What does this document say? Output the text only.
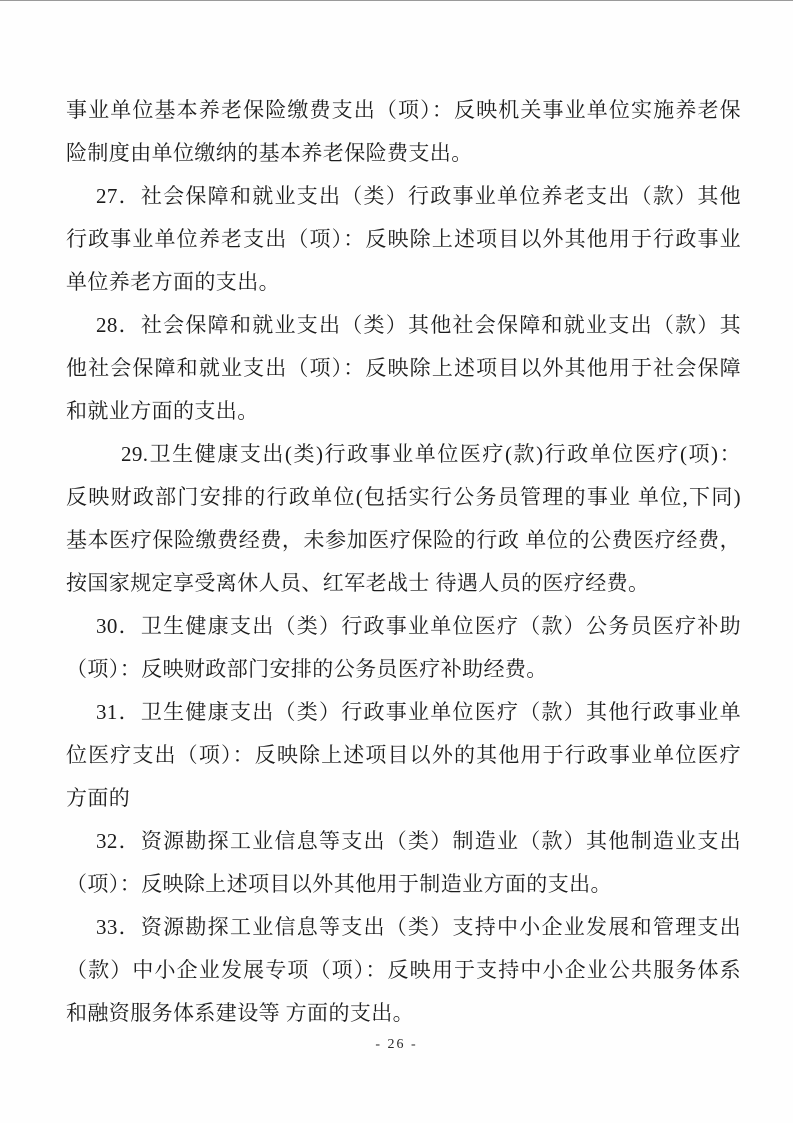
事业单位基本养老保险缴费支出（项）：反映机关事业单位实施养老保
险制度由单位缴纳的基本养老保险费支出。
27．社会保障和就业支出（类）行政事业单位养老支出（款）其他
行政事业单位养老支出（项）：反映除上述项目以外其他用于行政事业
单位养老方面的支出。
28．社会保障和就业支出（类）其他社会保障和就业支出（款）其
他社会保障和就业支出（项）：反映除上述项目以外其他用于社会保障
和就业方面的支出。
29.卫生健康支出(类)行政事业单位医疗(款)行政单位医疗(项)：
反映财政部门安排的行政单位(包括实行公务员管理的事业 单位,下同)
基本医疗保险缴费经费，未参加医疗保险的行政 单位的公费医疗经费，
按国家规定享受离休人员、红军老战士 待遇人员的医疗经费。
30．卫生健康支出（类）行政事业单位医疗（款）公务员医疗补助
（项）：反映财政部门安排的公务员医疗补助经费。
31．卫生健康支出（类）行政事业单位医疗（款）其他行政事业单
位医疗支出（项）：反映除上述项目以外的其他用于行政事业单位医疗
方面的
32．资源勘探工业信息等支出（类）制造业（款）其他制造业支出
（项）：反映除上述项目以外其他用于制造业方面的支出。
33．资源勘探工业信息等支出（类）支持中小企业发展和管理支出
（款）中小企业发展专项（项）：反映用于支持中小企业公共服务体系
和融资服务体系建设等 方面的支出。
- 26 -
